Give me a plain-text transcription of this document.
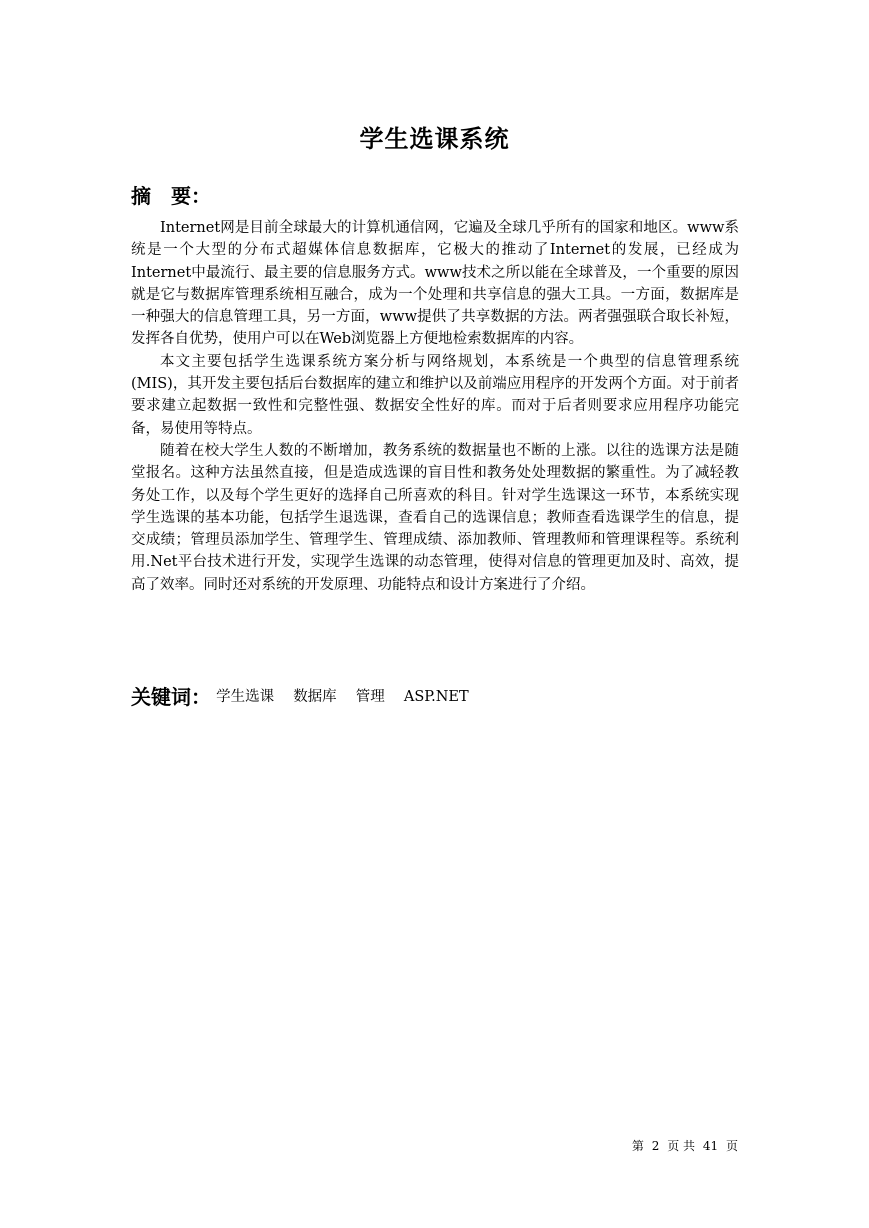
学生选课系统
摘　要：

Internet网是目前全球最大的计算机通信网，它遍及全球几乎所有的国家和地区。www系统是一个大型的分布式超媒体信息数据库，它极大的推动了Internet的发展，已经成为Internet中最流行、最主要的信息服务方式。www技术之所以能在全球普及，一个重要的原因就是它与数据库管理系统相互融合，成为一个处理和共享信息的强大工具。一方面，数据库是一种强大的信息管理工具，另一方面，www提供了共享数据的方法。两者强强联合取长补短，发挥各自优势，使用户可以在Web浏览器上方便地检索数据库的内容。

本文主要包括学生选课系统方案分析与网络规划，本系统是一个典型的信息管理系统(MIS)，其开发主要包括后台数据库的建立和维护以及前端应用程序的开发两个方面。对于前者要求建立起数据一致性和完整性强、数据安全性好的库。而对于后者则要求应用程序功能完备，易使用等特点。

随着在校大学生人数的不断增加，教务系统的数据量也不断的上涨。以往的选课方法是随堂报名。这种方法虽然直接，但是造成选课的盲目性和教务处处理数据的繁重性。为了减轻教务处工作，以及每个学生更好的选择自己所喜欢的科目。针对学生选课这一环节，本系统实现学生选课的基本功能，包括学生退选课，查看自己的选课信息；教师查看选课学生的信息，提交成绩；管理员添加学生、管理学生、管理成绩、添加教师、管理教师和管理课程等。系统利用.Net平台技术进行开发，实现学生选课的动态管理，使得对信息的管理更加及时、高效，提高了效率。同时还对系统的开发原理、功能特点和设计方案进行了介绍。

关键词： 学生选课 数据库 管理 ASP.NET
第 2 页 共 41 页
